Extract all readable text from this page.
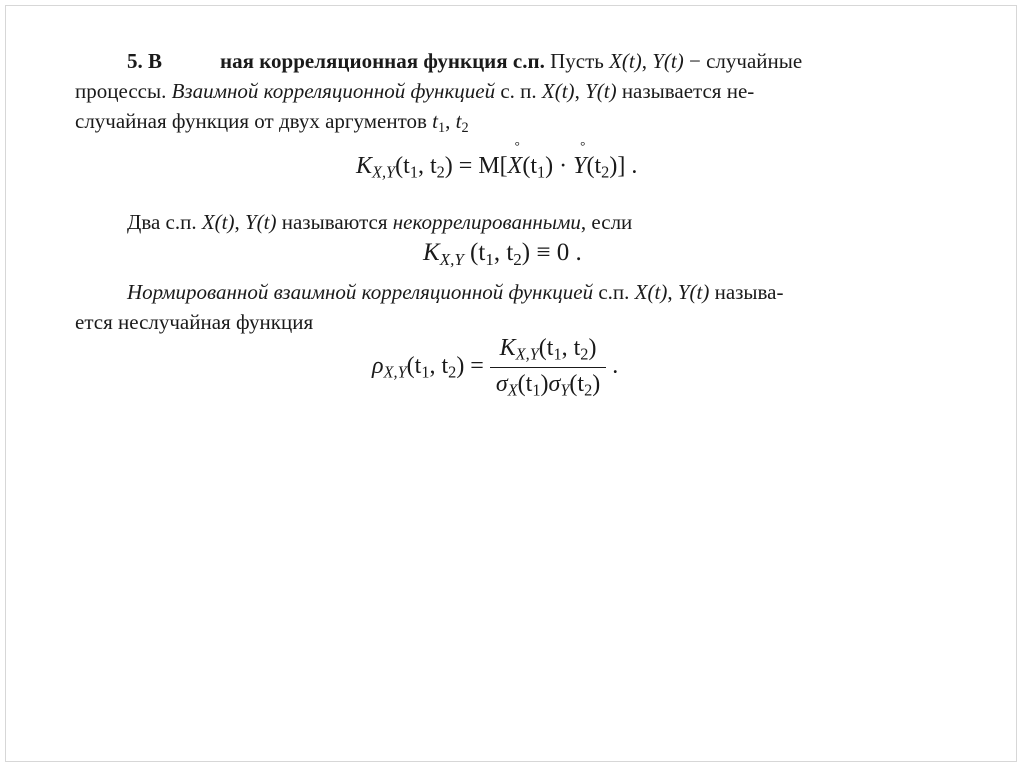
5. В	ная корреляционная функция с.п. Пусть X(t), Y(t) − случайные
процессы. Взаимной корреляционной функцией с. п. X(t), Y(t) называется не-
случайная функция от двух аргументов $t_1$, $t_2$
$KX,Y(t_1$, $t_2) = M[^\circ$ $X(t_1)$ · ° $Y(t_2)$] .
Два с.п. X(t), Y(t) называются некоррелированными, если
KX,Y ($t_1$, $t_2) \equiv 0$ .
Нормированной взаимной корреляционной функцией с.п. X(t), Y(t) называ-
ется неслучайная функция
$\rho X,Y(t_1$, $t_2) = \frac{KX,Y(t_1, t_2)}{\sigma X(t_1)\sigma Y(t_2)}$ .
